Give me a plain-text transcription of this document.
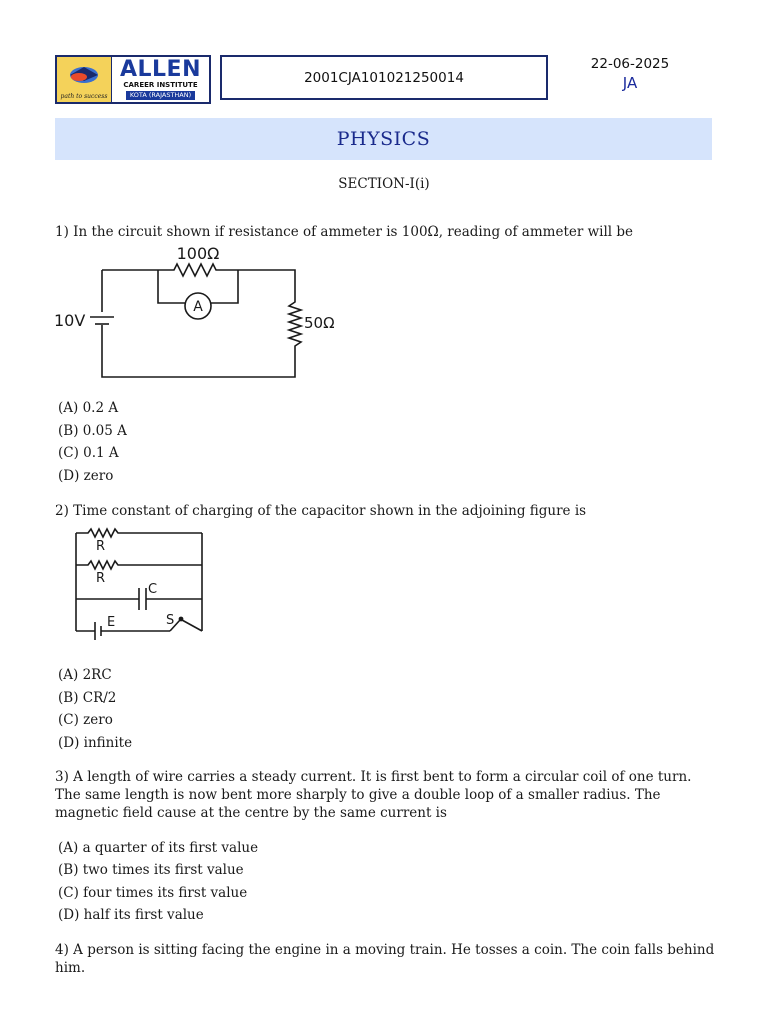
path to success
ALLEN
CAREER INSTITUTE
KOTA (RAJASTHAN)
2001CJA101021250014
22-06-2025
JA
PHYSICS
SECTION-I(i)
1) In the circuit shown if resistance of ammeter is 100Ω, reading of ammeter will be
A
100Ω
10V	50Ω
(A) 0.2 A
(B) 0.05 A
(C) 0.1 A
(D) zero
2) Time constant of charging of the capacitor shown in the adjoining figure is
R
R
C
E	S
(A) 2RC
(B) CR/2
(C) zero
(D) infinite
3) A length of wire carries a steady current. It is first bent to form a circular coil of one turn. The same length is now bent more sharply to give a double loop of a smaller radius. The magnetic field cause at the centre by the same current is
(A) a quarter of its first value
(B) two times its first value
(C) four times its first value
(D) half its first value
4) A person is sitting facing the engine in a moving train. He tosses a coin. The coin falls behind him.
